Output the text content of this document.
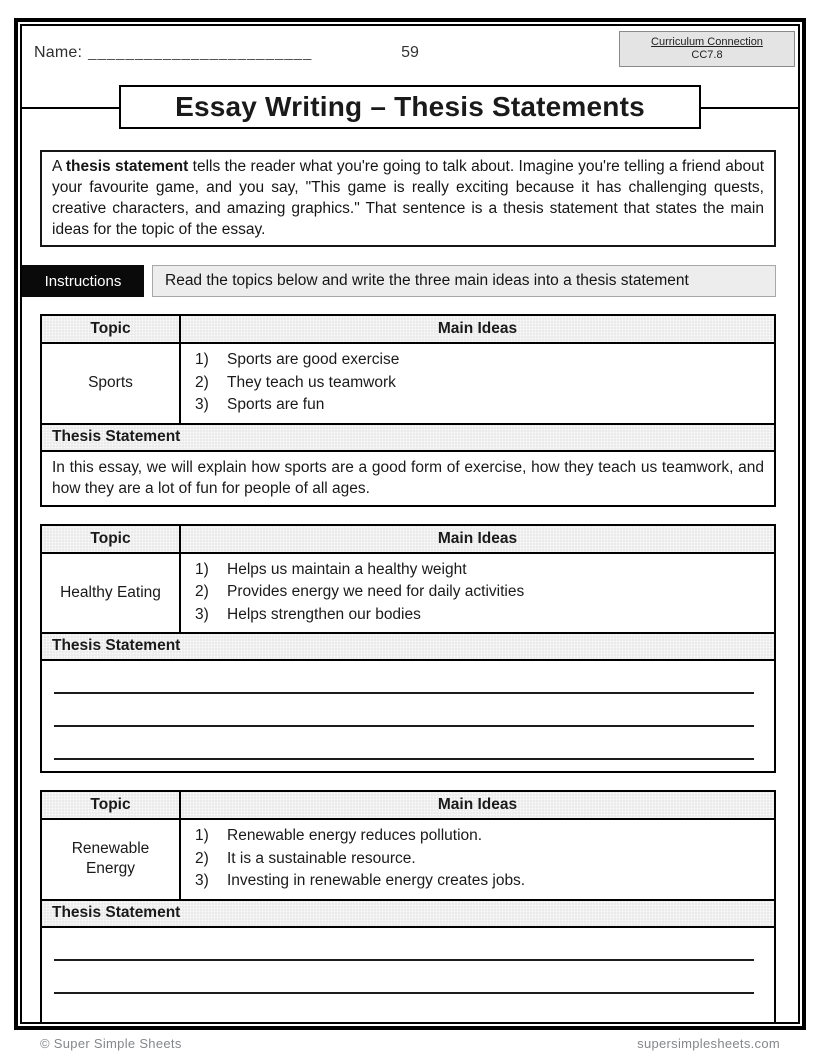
Name: ________________________	59
Curriculum Connection
CC7.8
Essay Writing – Thesis Statements
A thesis statement tells the reader what you're going to talk about. Imagine you're telling a friend about your favourite game, and you say, "This game is really exciting because it has challenging quests, creative characters, and amazing graphics." That sentence is a thesis statement that states the main ideas for the topic of the essay.
Instructions	Read the topics below and write the three main ideas into a thesis statement
Topic	Main Ideas
Sports
1)	Sports are good exercise
2)	They teach us teamwork
3)	Sports are fun
Thesis Statement
In this essay, we will explain how sports are a good form of exercise, how they teach us teamwork, and how they are a lot of fun for people of all ages.
Topic	Main Ideas
Healthy Eating
1)	Helps us maintain a healthy weight
2)	Provides energy we need for daily activities
3)	Helps strengthen our bodies
Thesis Statement
Topic	Main Ideas
Renewable Energy
1)	Renewable energy reduces pollution.
2)	It is a sustainable resource.
3)	Investing in renewable energy creates jobs.
Thesis Statement
© Super Simple Sheets	supersimplesheets.com
